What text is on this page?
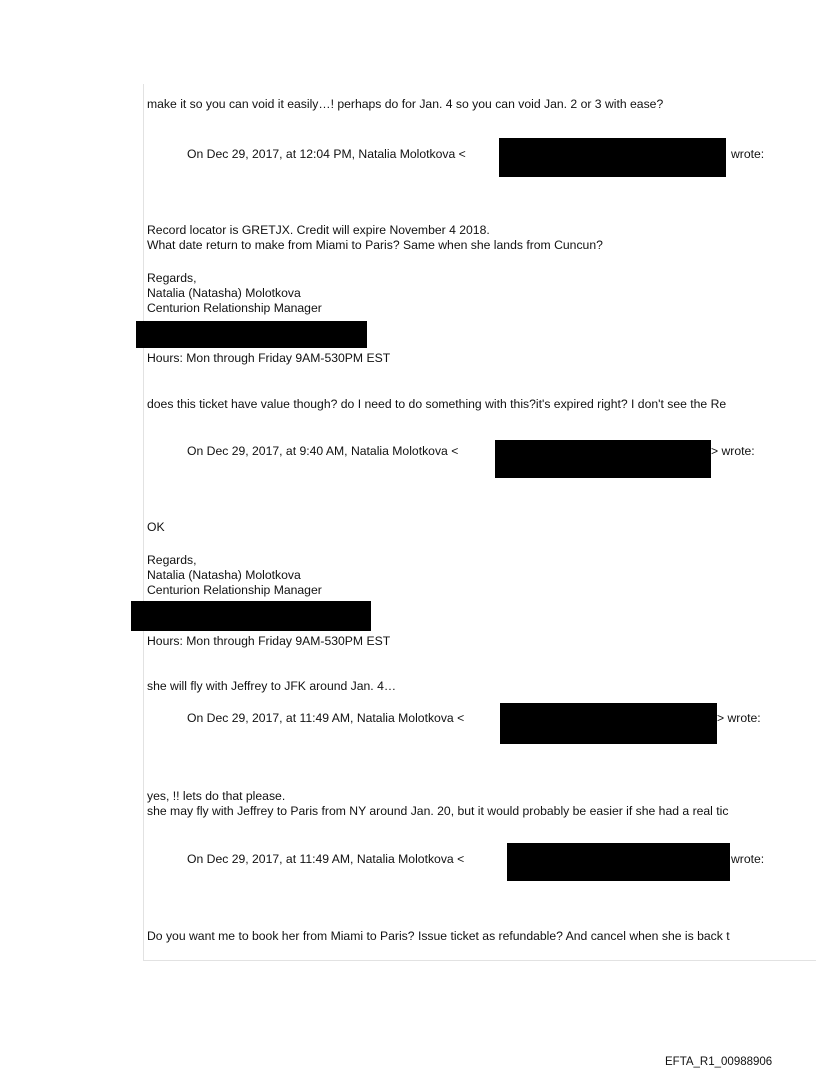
make it so you can void it easily…! perhaps do for Jan. 4 so you can void Jan. 2 or 3 with ease?
On Dec 29, 2017, at 12:04 PM, Natalia Molotkova <	wrote:
Record locator is GRETJX. Credit will expire November 4 2018.
What date return to make from Miami to Paris? Same when she lands from Cuncun?
Regards,
Natalia (Natasha) Molotkova
Centurion Relationship Manager
Hours: Mon through Friday 9AM-530PM EST
does this ticket have value though? do I need to do something with this?it's expired right? I don't see the Re
On Dec 29, 2017, at 9:40 AM, Natalia Molotkova <	> wrote:
OK
Regards,
Natalia (Natasha) Molotkova
Centurion Relationship Manager
Hours: Mon through Friday 9AM-530PM EST
she will fly with Jeffrey to JFK around Jan. 4…
On Dec 29, 2017, at 11:49 AM, Natalia Molotkova <	> wrote:
yes, !! lets do that please.
she may fly with Jeffrey to Paris from NY around Jan. 20, but it would probably be easier if she had a real tic
On Dec 29, 2017, at 11:49 AM, Natalia Molotkova <	wrote:
Do you want me to book her from Miami to Paris? Issue ticket as refundable? And cancel when she is back t
EFTA_R1_00988906
